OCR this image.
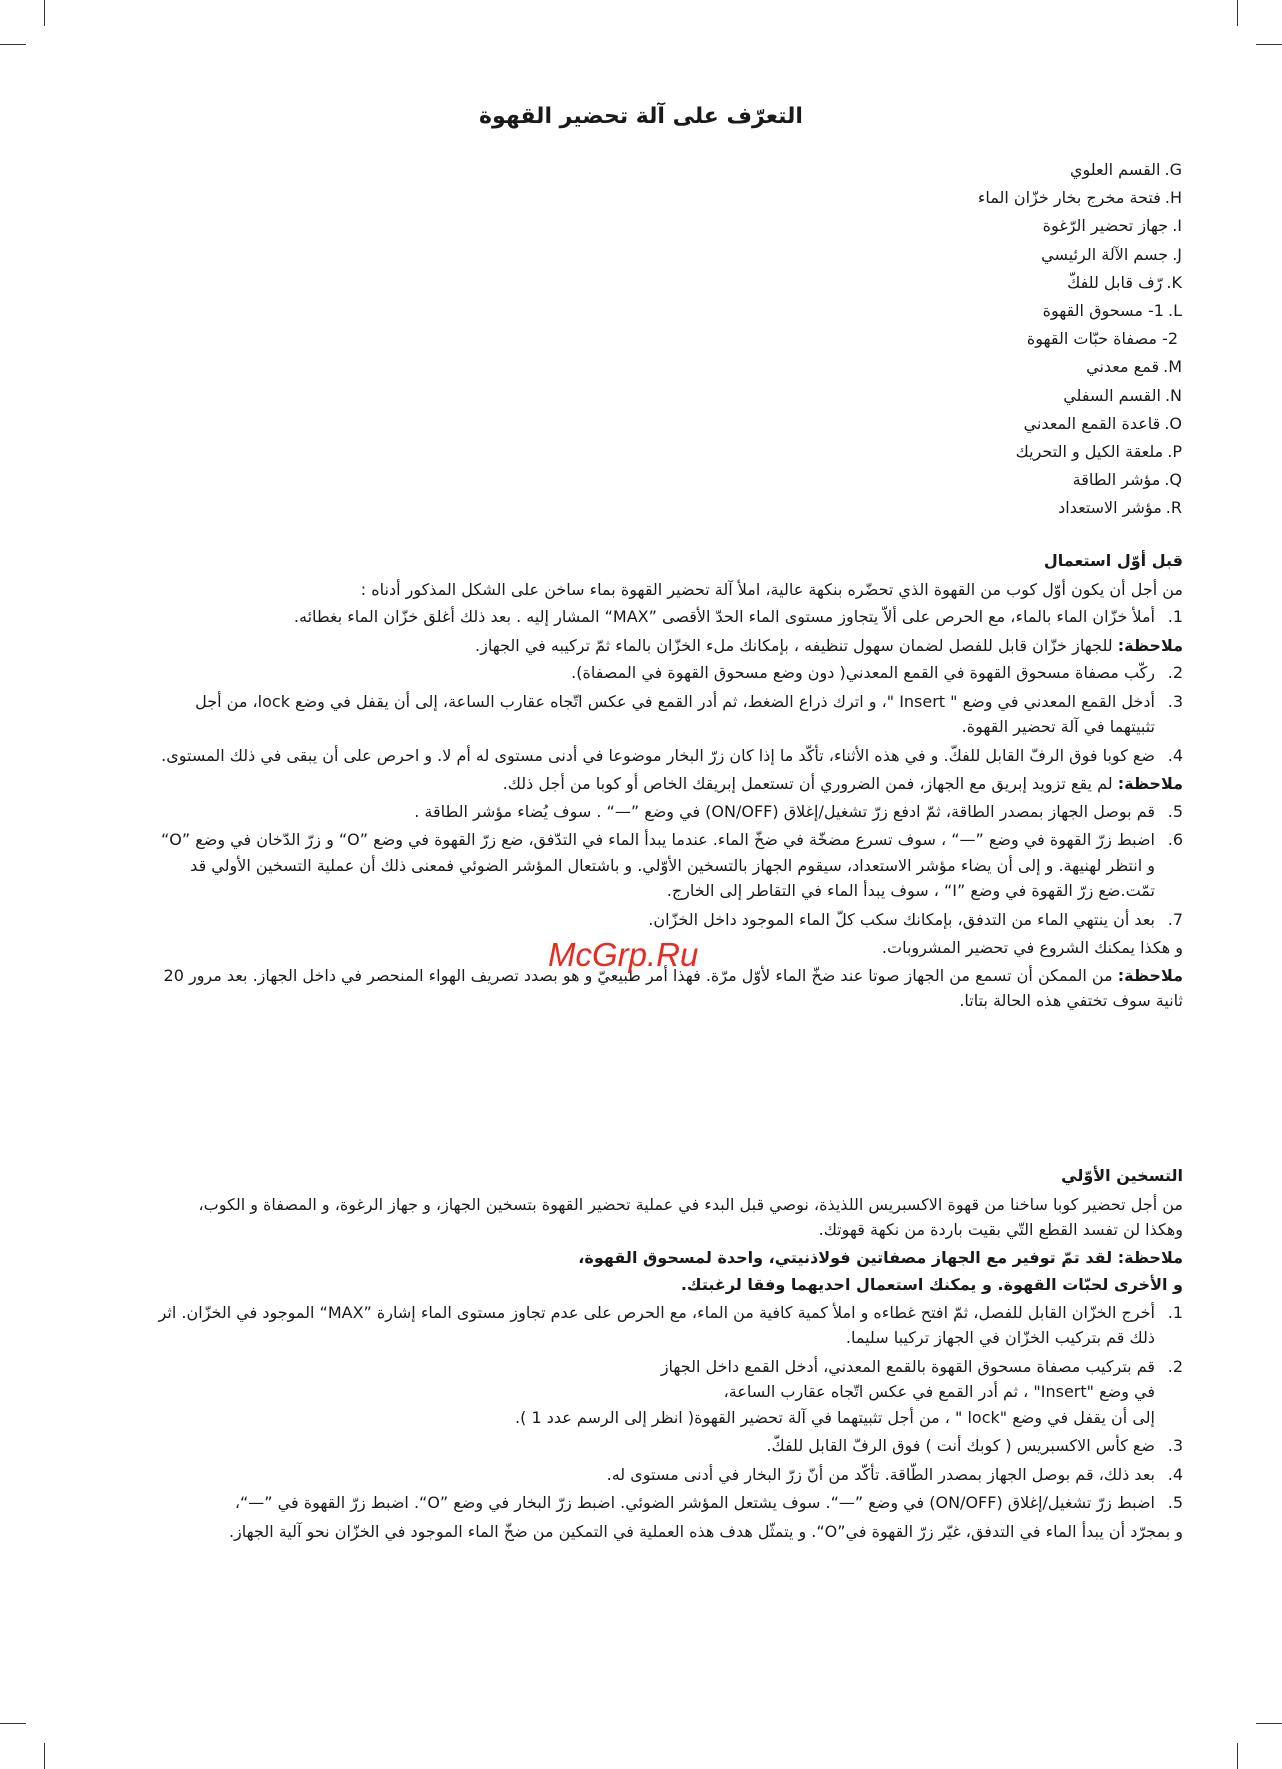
التعرّف على آلة تحضير القهوة
G.القسم العلوي
H.فتحة مخرج بخار خزّان الماء
I.جهاز تحضير الرّغوة
J.جسم الآلة الرئيسي
K.رّف قابل للفكّ
L.1- مسحوق القهوة
2- مصفاة حبّات القهوة
M.قمع معدني
N.القسم السفلي
O.قاعدة القمع المعدني
P.ملعقة الكيل و التحريك
Q.مؤشر الطاقة
R.مؤشر الاستعداد
قبل أوّل استعمال
من أجل أن يكون أوّل كوب من القهوة الذي تحضّره بنكهة عالية، املأ آلة تحضير القهوة بماء ساخن على الشكل المذكور أدناه :
1.
أملأ خزّان الماء بالماء، مع الحرص على ألاّ يتجاوز مستوى الماء الحدّ الأقصى ”MAX“ المشار إليه . بعد ذلك أغلق خزّان الماء بغطائه.
ملاحظة: للجهاز خزّان قابل للفصل لضمان سهول تنظيفه ، بإمكانك ملء الخزّان بالماء ثمّ تركيبه في الجهاز.
2.
ركّب مصفاة مسحوق القهوة في القمع المعدني( دون وضع مسحوق القهوة في المصفاة).
3.
أدخل القمع المعدني في وضع " Insert "، و اترك ذراع الضغط، ثم أدر القمع في عكس اتّجاه عقارب الساعة، إلى أن يقفل في وضع lock، من أجل تثبيتهما في آلة تحضير القهوة.
4.
ضع كوبا فوق الرفّ القابل للفكّ. و في هذه الأثناء، تأكّد ما إذا كان زرّ البخار موضوعا في أدنى مستوى له أم لا. و احرص على أن يبقى في ذلك المستوى.
ملاحظة: لم يقع تزويد إبريق مع الجهاز، فمن الضروري أن تستعمل إبريقك الخاص أو كوبا من أجل ذلك.
5.
قم بوصل الجهاز بمصدر الطاقة، ثمّ ادفع زرّ تشغيل/إغلاق (ON/OFF) في وضع ”—“ . سوف يُضاء مؤشر الطاقة .
6.
اضبط زرّ القهوة في وضع ”—“ ، سوف تسرع مضخّة في ضخّ الماء. عندما يبدأ الماء في التدّفق، ضع زرّ القهوة في وضع ”O“ و زرّ الدّخان في وضع ”O“ و انتظر لهنيهة. و إلى أن يضاء مؤشر الاستعداد، سيقوم الجهاز بالتسخين الأوّلي. و باشتعال المؤشر الضوئي فمعنى ذلك أن عملية التسخين الأولي قد تمّت.ضع زرّ القهوة في وضع ”I“ ، سوف يبدأ الماء في التقاطر إلى الخارج.
7.
بعد أن ينتهي الماء من التدفق، بإمكانك سكب كلّ الماء الموجود داخل الخزّان.
و هكذا يمكنك الشروع في تحضير المشروبات.
ملاحظة: من الممكن أن تسمع من الجهاز صوتا عند ضخّ الماء لأوّل مرّة. فهذا أمر طبيعيّ و هو بصدد تصريف الهواء المنحصر في داخل الجهاز. بعد مرور 20 ثانية سوف تختفي هذه الحالة بتاتا.
التسخين الأوّلي
من أجل تحضير كوبا ساخنا من قهوة الاكسبريس اللذيذة، نوصي قبل البدء في عملية تحضير القهوة بتسخين الجهاز، و جهاز الرغوة، و المصفاة و الكوب، وهكذا لن تفسد القطع التّي بقيت باردة من نكهة قهوتك.
ملاحظة: لقد تمّ توفير مع الجهاز مصفاتين فولاذنيتي، واحدة لمسحوق القهوة،
و الأخرى لحبّات القهوة. و يمكنك استعمال احديهما وفقا لرغبتك.
1.
أخرج الخزّان القابل للفصل، ثمّ افتح غطاءه و املأ كمية كافية من الماء، مع الحرص على عدم تجاوز مستوى الماء إشارة ”MAX“ الموجود في الخزّان. اثر ذلك قم بتركيب الخزّان في الجهاز تركيبا سليما.
2.
قم بتركيب مصفاة مسحوق القهوة بالقمع المعدني، أدخل القمع داخل الجهاز
في وضع "Insert" ، ثم أدر القمع في عكس اتّجاه عقارب الساعة،
إلى أن يقفل في وضع "lock " ، من أجل تثبيتهما في آلة تحضير القهوة( انظر إلى الرسم عدد 1 ).
3.
ضع كأس الاكسبريس ( كوبك أنت ) فوق الرفّ القابل للفكّ.
4.
بعد ذلك، قم بوصل الجهاز بمصدر الطّاقة. تأكّد من أنّ زرّ البخار في أدنى مستوى له.
5.
اضبط زرّ تشغيل/إغلاق (ON/OFF) في وضع ”—“. سوف يشتعل المؤشر الضوئي. اضبط زرّ البخار في وضع ”O“. اضبط زرّ القهوة في ”—“،
و بمجرّد أن يبدأ الماء في التدفق، غيّر زرّ القهوة في”O“. و يتمثّل هدف هذه العملية في التمكين من ضخّ الماء الموجود في الخزّان نحو آلية الجهاز.
McGrp.Ru
